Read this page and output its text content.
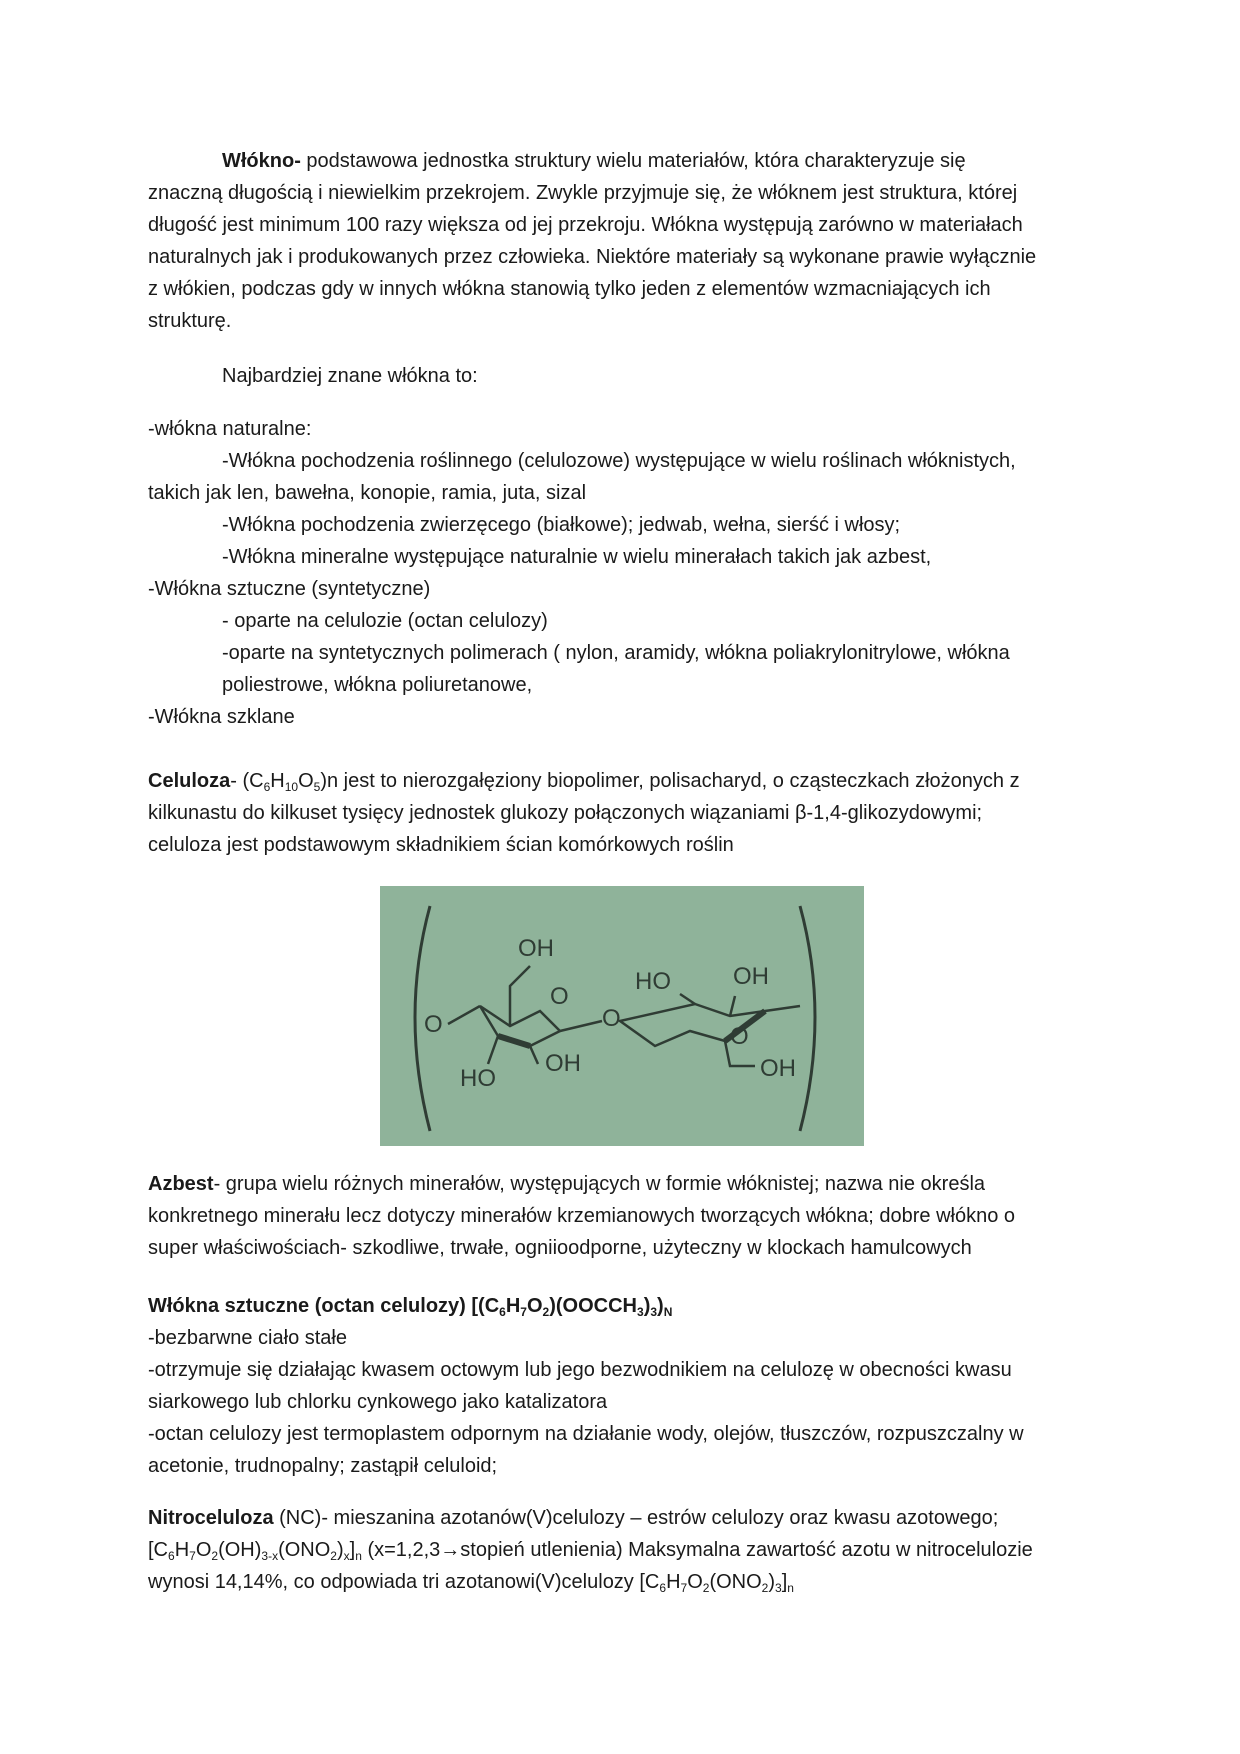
Włókno- podstawowa jednostka struktury wielu materiałów, która charakteryzuje się
znaczną długością i niewielkim przekrojem. Zwykle przyjmuje się, że włóknem jest struktura, której
długość jest minimum 100 razy większa od jej przekroju. Włókna występują zarówno w materiałach
naturalnych jak i produkowanych przez człowieka. Niektóre materiały są wykonane prawie wyłącznie
z włókien, podczas gdy w innych włókna stanowią tylko jeden z elementów wzmacniających ich
strukturę.
Najbardziej znane włókna to:
-włókna naturalne:
-Włókna pochodzenia roślinnego (celulozowe) występujące w wielu roślinach włóknistych,
takich jak len, bawełna, konopie, ramia, juta, sizal
-Włókna pochodzenia zwierzęcego (białkowe); jedwab, wełna, sierść i włosy;
-Włókna mineralne występujące naturalnie w wielu minerałach takich jak azbest,
-Włókna sztuczne (syntetyczne)
- oparte na celulozie (octan celulozy)
-oparte na syntetycznych polimerach ( nylon, aramidy, włókna poliakrylonitrylowe, włókna
poliestrowe, włókna poliuretanowe,
-Włókna szklane
Celuloza- $(C_6H_{10}O_5)n$ jest to nierozgałęziony biopolimer, polisacharyd, o cząsteczkach złożonych z
kilkunastu do kilkuset tysięcy jednostek glukozy połączonych wiązaniami β-1,4-glikozydowymi;
celuloza jest podstawowym składnikiem ścian komórkowych roślin
OH
HO	OH
O
O
O
O
HO
OH	OH
Azbest- grupa wielu różnych minerałów, występujących w formie włóknistej; nazwa nie określa
konkretnego minerału lecz dotyczy minerałów krzemianowych tworzących włókna; dobre włókno o
super właściwościach- szkodliwe, trwałe, ogniioodporne, użyteczny w klockach hamulcowych
Włókna sztuczne (octan celulozy) $[(C_6H_7O_2)(OOCCH_3)_3)_N$
-bezbarwne ciało stałe
-otrzymuje się działając kwasem octowym lub jego bezwodnikiem na celulozę w obecności kwasu
siarkowego lub chlorku cynkowego jako katalizatora
-octan celulozy jest termoplastem odpornym na działanie wody, olejów, tłuszczów, rozpuszczalny w
acetonie, trudnopalny; zastąpił celuloid;
Nitroceluloza (NC)- mieszanina azotanów(V)celulozy – estrów celulozy oraz kwasu azotowego;
$[C_6H_7O_2(OH)_{3-x}(ONO_2)_x]_n$ (x=1,2,3→stopień utlenienia) Maksymalna zawartość azotu w nitrocelulozie
wynosi 14,14%, co odpowiada tri azotanowi(V)celulozy $[C_6H_7O_2(ONO_2)_3]_n$
